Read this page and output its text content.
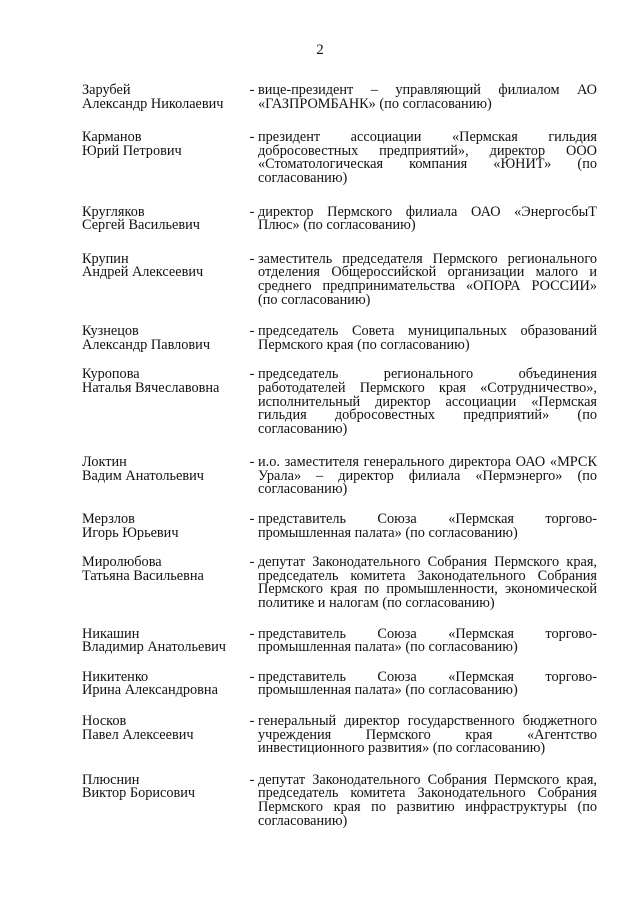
2
Зарубей
Александр Николаевич
- вице-президент – управляющий филиалом АО «ГАЗПРОМБАНК» (по согласованию)
Карманов
Юрий Петрович
- президент ассоциации «Пермская гильдия добросовестных предприятий», директор ООО «Стоматологическая компания «ЮНИТ» (по согласованию)
Кругляков
Сергей Васильевич
- директор Пермского филиала ОАО «ЭнергосбыТ Плюс» (по согласованию)
Крупин
Андрей Алексеевич
- заместитель председателя Пермского регионального отделения Общероссийской организации малого и среднего предпринимательства «ОПОРА РОССИИ» (по согласованию)
Кузнецов
Александр Павлович
- председатель Совета муниципальных образований Пермского края (по согласованию)
Куропова
Наталья Вячеславовна
- председатель регионального объединения работодателей Пермского края «Сотрудничество», исполнительный директор ассоциации «Пермская гильдия добросовестных предприятий» (по согласованию)
Локтин
Вадим Анатольевич
- и.о. заместителя генерального директора ОАО «МРСК Урала» – директор филиала «Пермэнерго» (по согласованию)
Мерзлов
Игорь Юрьевич
- представитель Союза «Пермская торгово-промышленная палата» (по согласованию)
Миролюбова
Татьяна Васильевна
- депутат Законодательного Собрания Пермского края, председатель комитета Законодательного Собрания Пермского края по промышленности, экономической политике и налогам (по согласованию)
Никашин
Владимир Анатольевич
- представитель Союза «Пермская торгово-промышленная палата» (по согласованию)
Никитенко
Ирина Александровна
- представитель Союза «Пермская торгово-промышленная палата» (по согласованию)
Носков
Павел Алексеевич
- генеральный директор государственного бюджетного учреждения Пермского края «Агентство инвестиционного развития» (по согласованию)
Плюснин
Виктор Борисович
- депутат Законодательного Собрания Пермского края, председатель комитета Законодательного Собрания Пермского края по развитию инфраструктуры (по согласованию)
